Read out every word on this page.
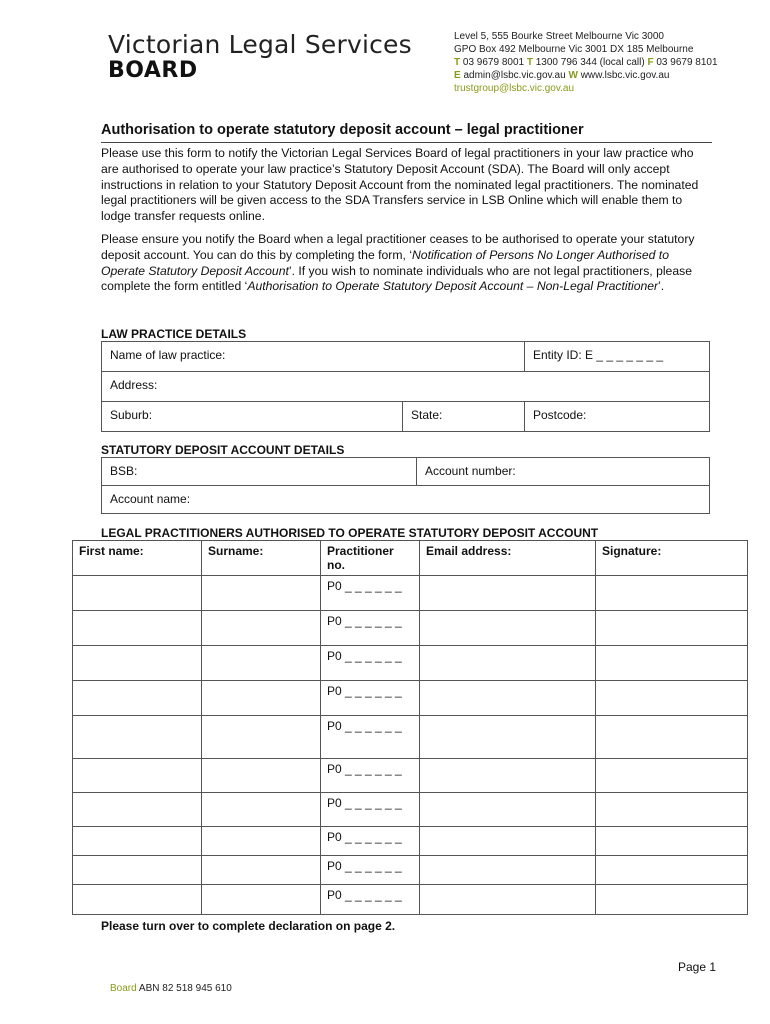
Victorian Legal Services
BOARD
Level 5, 555 Bourke Street Melbourne Vic 3000
GPO Box 492 Melbourne Vic 3001 DX 185 Melbourne
T 03 9679 8001 T 1300 796 344 (local call) F 03 9679 8101
E admin@lsbc.vic.gov.au W www.lsbc.vic.gov.au
trustgroup@lsbc.vic.gov.au
Authorisation to operate statutory deposit account – legal practitioner
Please use this form to notify the Victorian Legal Services Board of legal practitioners in your law practice who are authorised to operate your law practice’s Statutory Deposit Account (SDA). The Board will only accept instructions in relation to your Statutory Deposit Account from the nominated legal practitioners. The nominated legal practitioners will be given access to the SDA Transfers service in LSB Online which will enable them to lodge transfer requests online.
Please ensure you notify the Board when a legal practitioner ceases to be authorised to operate your statutory deposit account. You can do this by completing the form, ‘Notification of Persons No Longer Authorised to Operate Statutory Deposit Account’. If you wish to nominate individuals who are not legal practitioners, please complete the form entitled ‘Authorisation to Operate Statutory Deposit Account – Non-Legal Practitioner’.
LAW PRACTICE DETAILS
Name of law practice:		Entity ID: E _ _ _ _ _ _ _
Address:		
Suburb:	State:	Postcode:
STATUTORY DEPOSIT ACCOUNT DETAILS
BSB:	Account number:
Account name:
LEGAL PRACTITIONERS AUTHORISED TO OPERATE STATUTORY DEPOSIT ACCOUNT
First name:	Surname:	Practitioner no.	Email address:	Signature:
		P0 _ _ _ _ _ _		
		P0 _ _ _ _ _ _		
		P0 _ _ _ _ _ _		
		P0 _ _ _ _ _ _		
		P0 _ _ _ _ _ _		
		P0 _ _ _ _ _ _		
		P0 _ _ _ _ _ _		
		P0 _ _ _ _ _ _		
		P0 _ _ _ _ _ _		
		P0 _ _ _ _ _ _		
Please turn over to complete declaration on page 2.
Page 1
Board ABN 82 518 945 610
